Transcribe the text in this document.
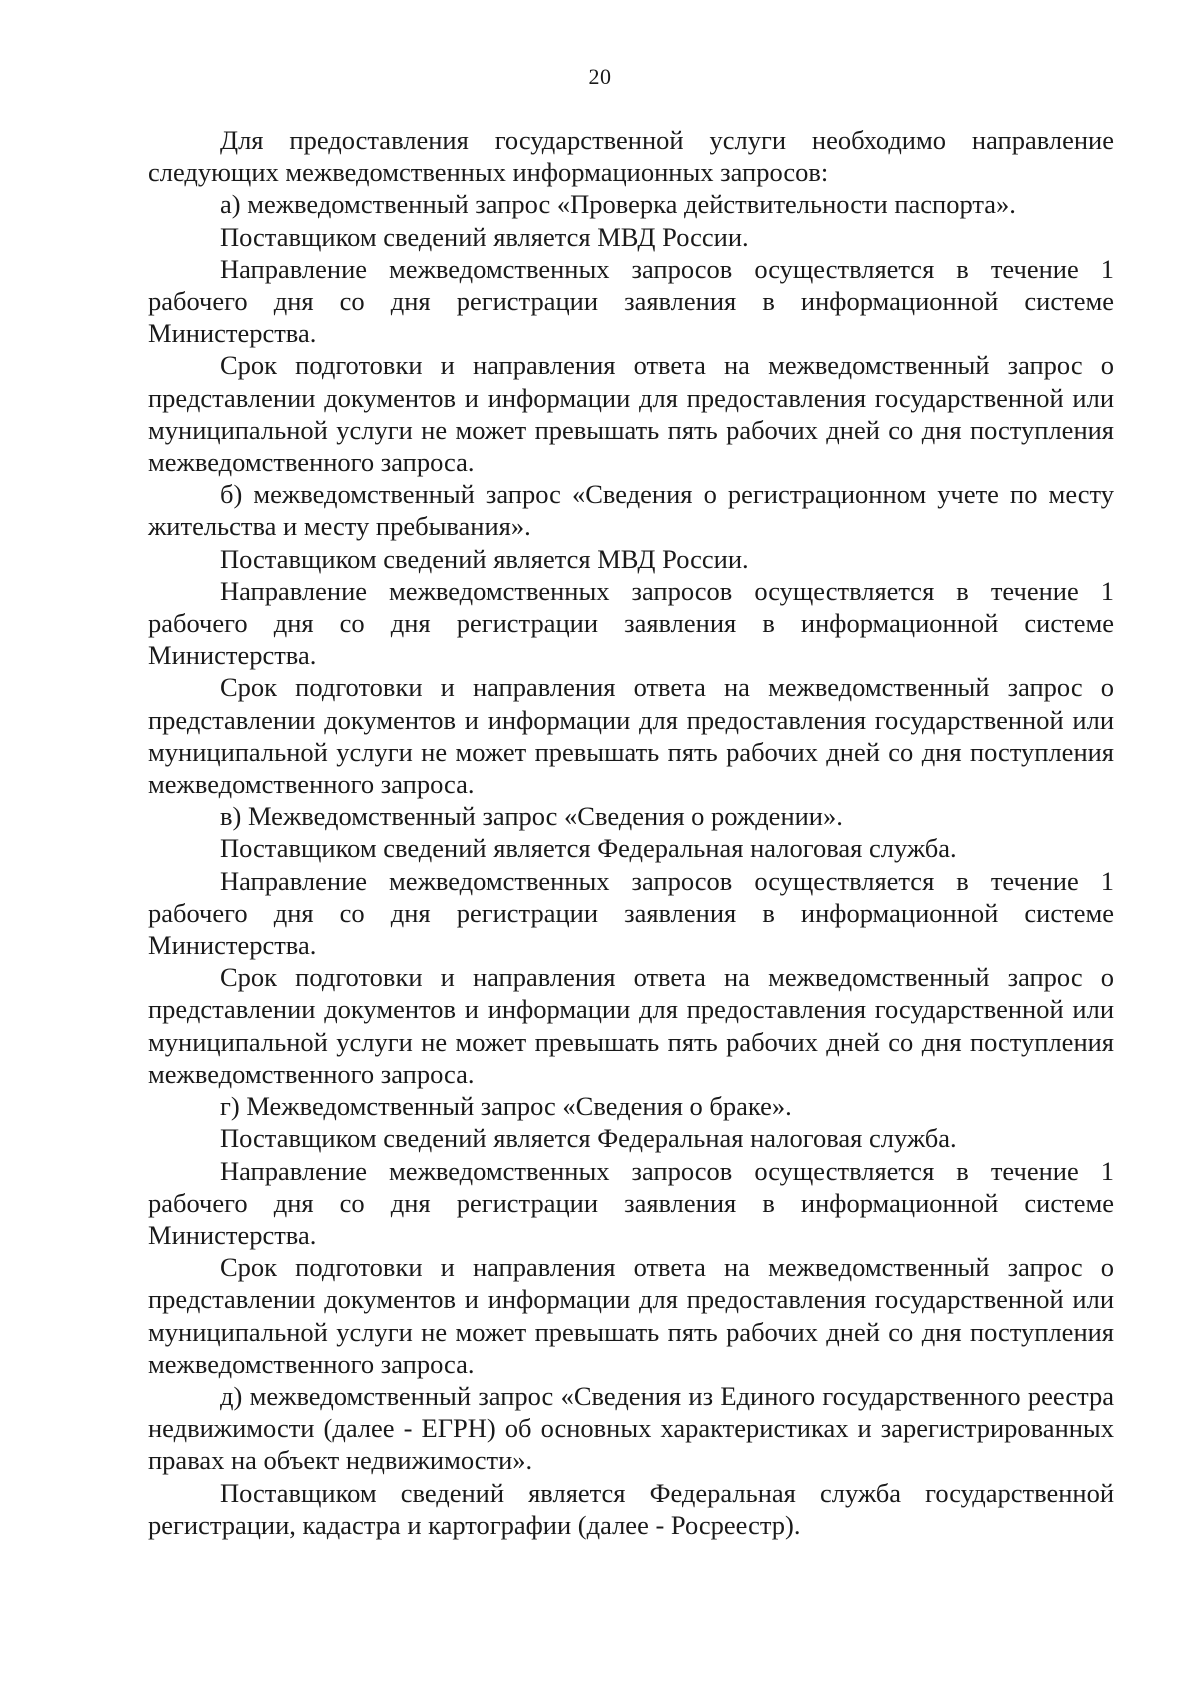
20

Для предоставления государственной услуги необходимо направление следующих межведомственных информационных запросов:

а) межведомственный запрос «Проверка действительности паспорта».

Поставщиком сведений является МВД России.

Направление межведомственных запросов осуществляется в течение 1 рабочего дня со дня регистрации заявления в информационной системе Министерства.

Срок подготовки и направления ответа на межведомственный запрос о представлении документов и информации для предоставления государственной или муниципальной услуги не может превышать пять рабочих дней со дня поступления межведомственного запроса.

б) межведомственный запрос «Сведения о регистрационном учете по месту жительства и месту пребывания».

Поставщиком сведений является МВД России.

Направление межведомственных запросов осуществляется в течение 1 рабочего дня со дня регистрации заявления в информационной системе Министерства.

Срок подготовки и направления ответа на межведомственный запрос о представлении документов и информации для предоставления государственной или муниципальной услуги не может превышать пять рабочих дней со дня поступления межведомственного запроса.

в) Межведомственный запрос «Сведения о рождении».

Поставщиком сведений является Федеральная налоговая служба.

Направление межведомственных запросов осуществляется в течение 1 рабочего дня со дня регистрации заявления в информационной системе Министерства.

Срок подготовки и направления ответа на межведомственный запрос о представлении документов и информации для предоставления государственной или муниципальной услуги не может превышать пять рабочих дней со дня поступления межведомственного запроса.

г) Межведомственный запрос «Сведения о браке».

Поставщиком сведений является Федеральная налоговая служба.

Направление межведомственных запросов осуществляется в течение 1 рабочего дня со дня регистрации заявления в информационной системе Министерства.

Срок подготовки и направления ответа на межведомственный запрос о представлении документов и информации для предоставления государственной или муниципальной услуги не может превышать пять рабочих дней со дня поступления межведомственного запроса.

д) межведомственный запрос «Сведения из Единого государственного реестра недвижимости (далее - ЕГРН) об основных характеристиках и зарегистрированных правах на объект недвижимости».

Поставщиком сведений является Федеральная служба государственной регистрации, кадастра и картографии (далее - Росреестр).
